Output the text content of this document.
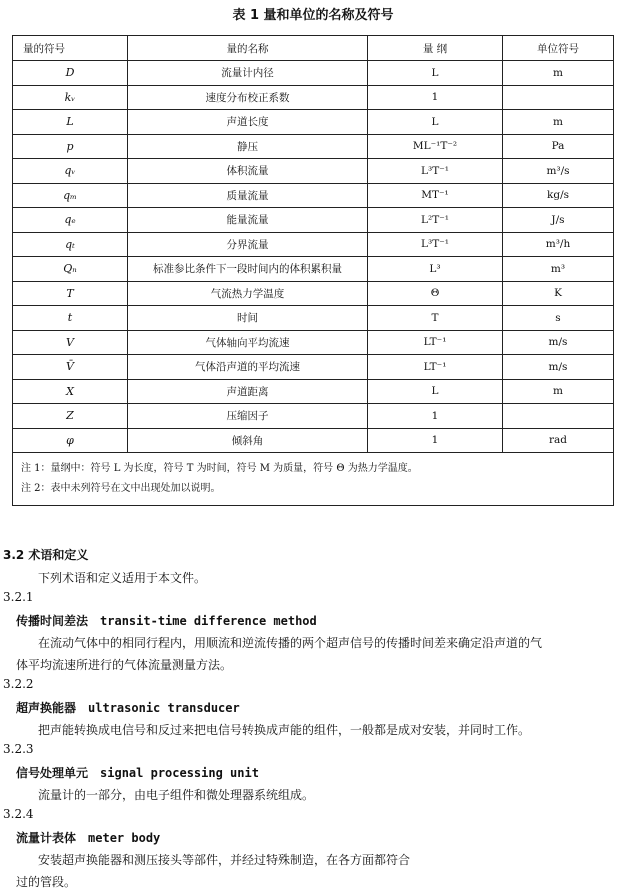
表 1 量和单位的名称及符号
量的符号	量的名称	量 纲	单位符号
D	流量计内径	L	m
kᵥ	速度分布校正系数	1	
L	声道长度	L	m
p	静压	ML⁻¹T⁻²	Pa
qᵥ	体积流量	L³T⁻¹	m³/s
qₘ	质量流量	MT⁻¹	kg/s
qₑ	能量流量	L²T⁻¹	J/s
qₜ	分界流量	L³T⁻¹	m³/h
Qₙ	标准参比条件下一段时间内的体积累积量	L³	m³
T	气流热力学温度	Θ	K
t	时间	T	s
V	气体轴向平均流速	LT⁻¹	m/s
V̄	气体沿声道的平均流速	LT⁻¹	m/s
X	声道距离	L	m
Z	压缩因子	1	
φ	倾斜角	1	rad

注 1：量纲中：符号 L 为长度，符号 T 为时间，符号 M 为质量，符号 Θ 为热力学温度。
注 2：表中未列符号在文中出现处加以说明。			
3.2 术语和定义
下列术语和定义适用于本文件。
3.2.1
传播时间差法 transit-time difference method
在流动气体中的相同行程内，用顺流和逆流传播的两个超声信号的传播时间差来确定沿声道的气
体平均流速所进行的气体流量测量方法。
3.2.2
超声换能器 ultrasonic transducer
把声能转换成电信号和反过来把电信号转换成声能的组件，一般都是成对安装，并同时工作。
3.2.3
信号处理单元 signal processing unit
流量计的一部分，由电子组件和微处理器系统组成。
3.2.4
流量计表体 meter body
安装超声换能器和测压接头等部件，并经过特殊制造，在各方面都符合
过的管段。
